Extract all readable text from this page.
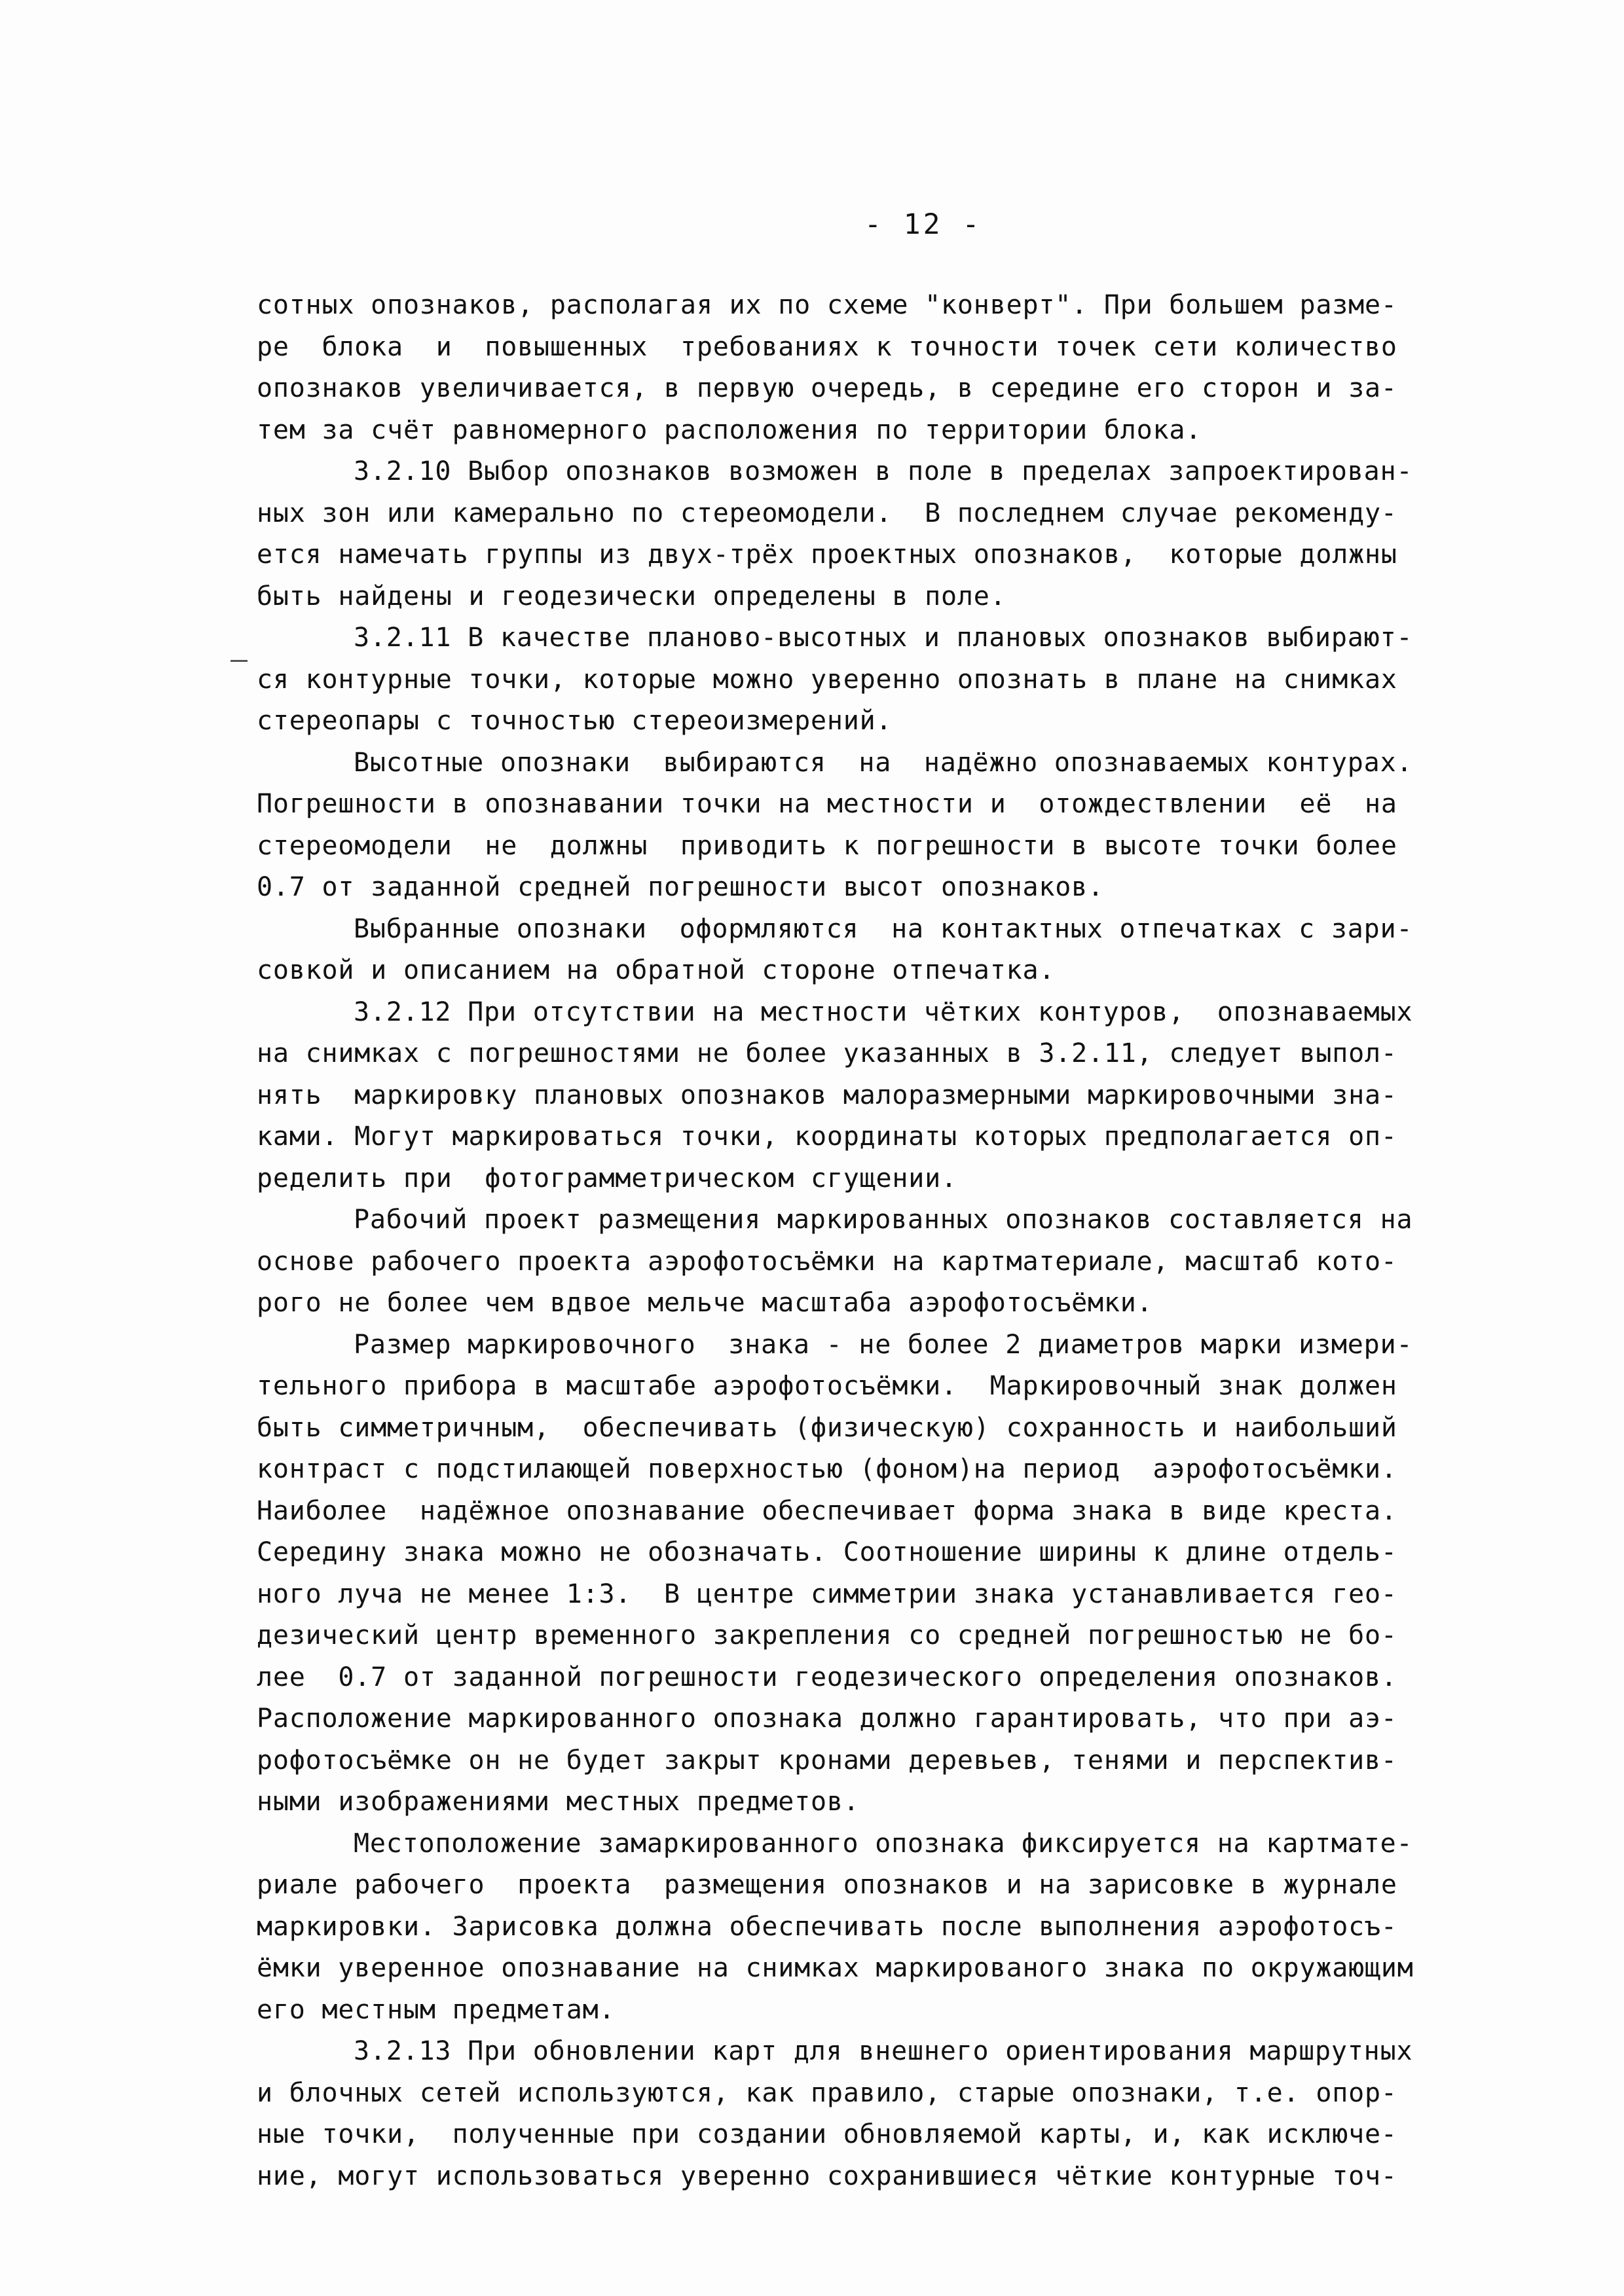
- 12 -
сотных опознаков, располагая их по схеме "конверт". При большем разме-
ре  блока  и  повышенных  требованиях к точности точек сети количество
опознаков увеличивается, в первую очередь, в середине его сторон и за-
тем за счёт равномерного расположения по территории блока.
3.2.10 Выбор опознаков возможен в поле в пределах запроектирован-
ных зон или камерально по стереомодели.  В последнем случае рекоменду-
ется намечать группы из двух-трёх проектных опознаков,  которые должны
быть найдены и геодезически определены в поле.
3.2.11 В качестве планово-высотных и плановых опознаков выбирают-
ся контурные точки, которые можно уверенно опознать в плане на снимках
стереопары с точностью стереоизмерений.
Высотные опознаки  выбираются  на  надёжно опознаваемых контурах.
Погрешности в опознавании точки на местности и  отождествлении  её  на
стереомодели  не  должны  приводить к погрешности в высоте точки более
0.7 от заданной средней погрешности высот опознаков.
Выбранные опознаки  оформляются  на контактных отпечатках с зари-
совкой и описанием на обратной стороне отпечатка.
3.2.12 При отсутствии на местности чётких контуров,  опознаваемых
на снимках с погрешностями не более указанных в 3.2.11, следует выпол-
нять  маркировку плановых опознаков малоразмерными маркировочными зна-
ками. Могут маркироваться точки, координаты которых предполагается оп-
ределить при  фотограмметрическом сгущении.
Рабочий проект размещения маркированных опознаков составляется на
основе рабочего проекта аэрофотосъёмки на картматериале, масштаб кото-
рого не более чем вдвое мельче масштаба аэрофотосъёмки.
Размер маркировочного  знака - не более 2 диаметров марки измери-
тельного прибора в масштабе аэрофотосъёмки.  Маркировочный знак должен
быть симметричным,  обеспечивать (физическую) сохранность и наибольший
контраст с подстилающей поверхностью (фоном)на период  аэрофотосъёмки.
Наиболее  надёжное опознавание обеспечивает форма знака в виде креста.
Середину знака можно не обозначать. Соотношение ширины к длине отдель-
ного луча не менее 1:3.  В центре симметрии знака устанавливается гео-
дезический центр временного закрепления со средней погрешностью не бо-
лее  0.7 от заданной погрешности геодезического определения опознаков.
Расположение маркированного опознака должно гарантировать, что при аэ-
рофотосъёмке он не будет закрыт кронами деревьев, тенями и перспектив-
ными изображениями местных предметов.
Местоположение замаркированного опознака фиксируется на картмате-
риале рабочего  проекта  размещения опознаков и на зарисовке в журнале
маркировки. Зарисовка должна обеспечивать после выполнения аэрофотосъ-
ёмки уверенное опознавание на снимках маркированого знака по окружающим
его местным предметам.
3.2.13 При обновлении карт для внешнего ориентирования маршрутных
и блочных сетей используются, как правило, старые опознаки, т.е. опор-
ные точки,  полученные при создании обновляемой карты, и, как исключе-
ние, могут использоваться уверенно сохранившиеся чёткие контурные точ-
